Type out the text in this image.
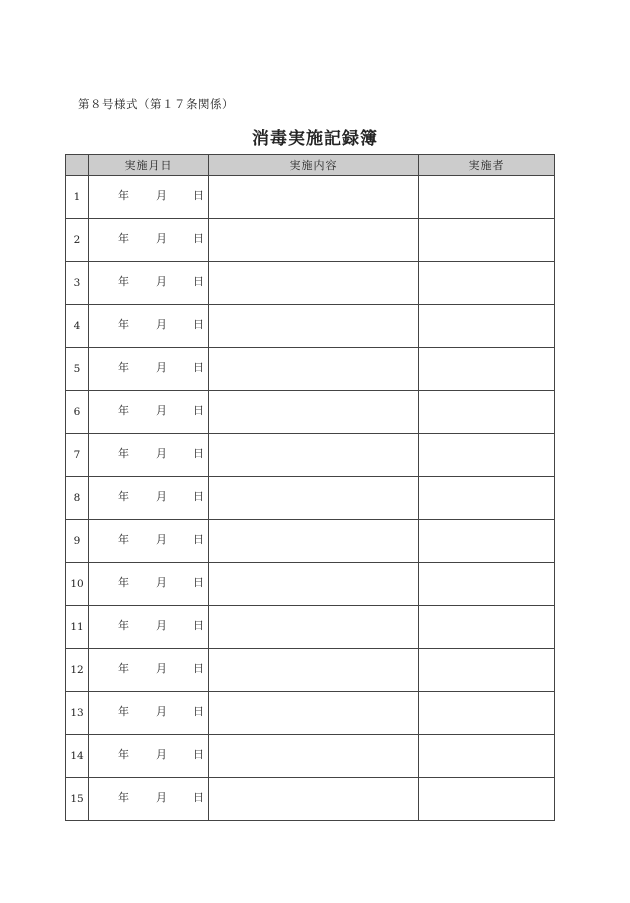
第８号様式（第１７条関係）
消毒実施記録簿
	実施月日	実施内容	実施者
1	年 月 日		

2	年 月 日		

3	年 月 日		

4	年 月 日		

5	年 月 日		

6	年 月 日		

7	年 月 日		

8	年 月 日		

9	年 月 日		

10	年 月 日		

11	年 月 日		

12	年 月 日		

13	年 月 日		

14	年 月 日		

15	年 月 日		
